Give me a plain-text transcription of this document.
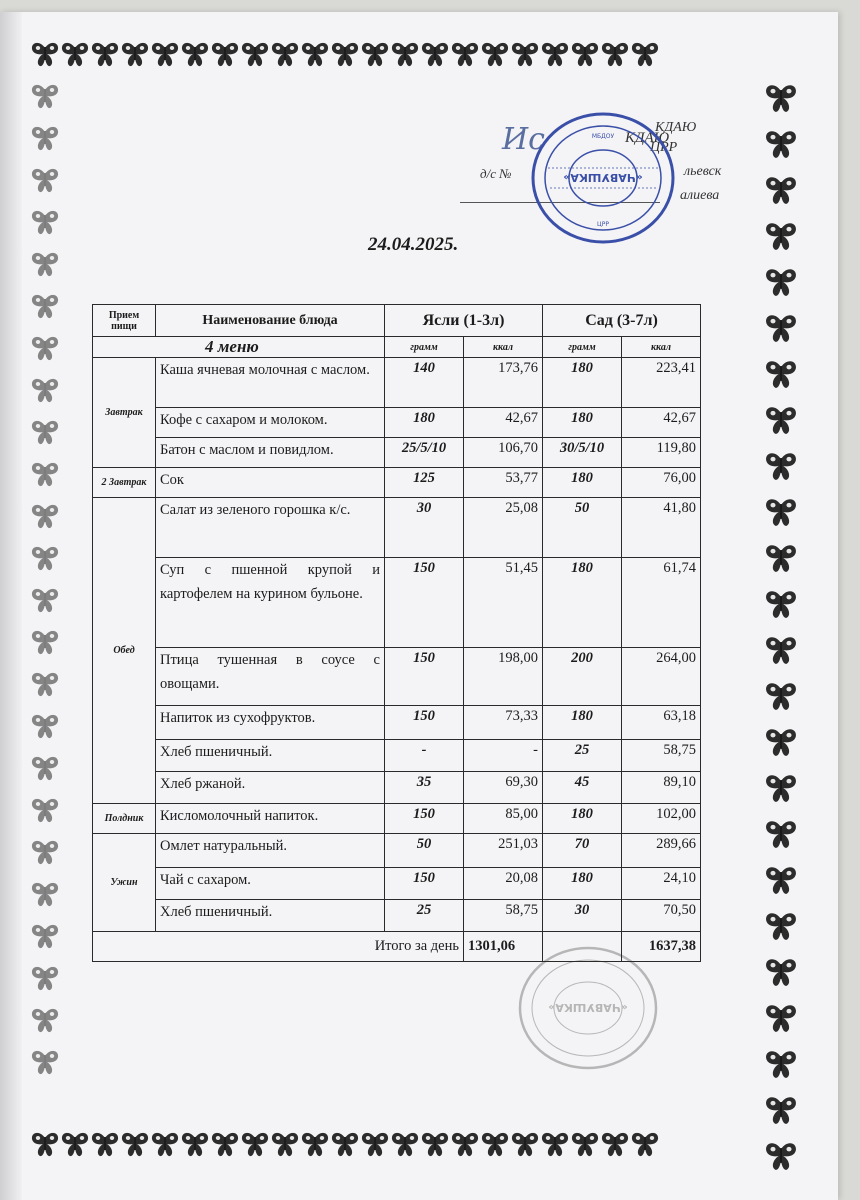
Ис	КДАЮ
д/с №
ЦРР
КДАЮ
льевск
алиева
«ЧАВУШКА»
МБДОУ
ЦРР
«ЧАВУШКА»
24.04.2025.
Прием пищи	Наименование блюда	Ясли (1-3л)		Сад (3-7л)	
4 меню		грамм	ккал	грамм	ккал
Завтрак	Каша ячневая молочная с маслом.	140	173,76	180	223,41
	Кофе с сахаром и молоком.	180	42,67	180	42,67
	Батон с маслом и повидлом.	25/5/10	106,70	30/5/10	119,80
2 Завтрак	Сок	125	53,77	180	76,00
Обед	Салат из зеленого горошка к/с.	30	25,08	50	41,80
	Суп с пшенной крупой и картофелем на курином бульоне.	150	51,45	180	61,74
	Птица тушенная в соусе с овощами.	150	198,00	200	264,00
	Напиток из сухофруктов.	150	73,33	180	63,18
	Хлеб пшеничный.	-	-	25	58,75
	Хлеб ржаной.	35	69,30	45	89,10
Полдник	Кисломолочный напиток.	150	85,00	180	102,00
Ужин	Омлет натуральный.	50	251,03	70	289,66
	Чай с сахаром.	150	20,08	180	24,10
	Хлеб пшеничный.	25	58,75	30	70,50
Итого за день			1301,06		1637,38
